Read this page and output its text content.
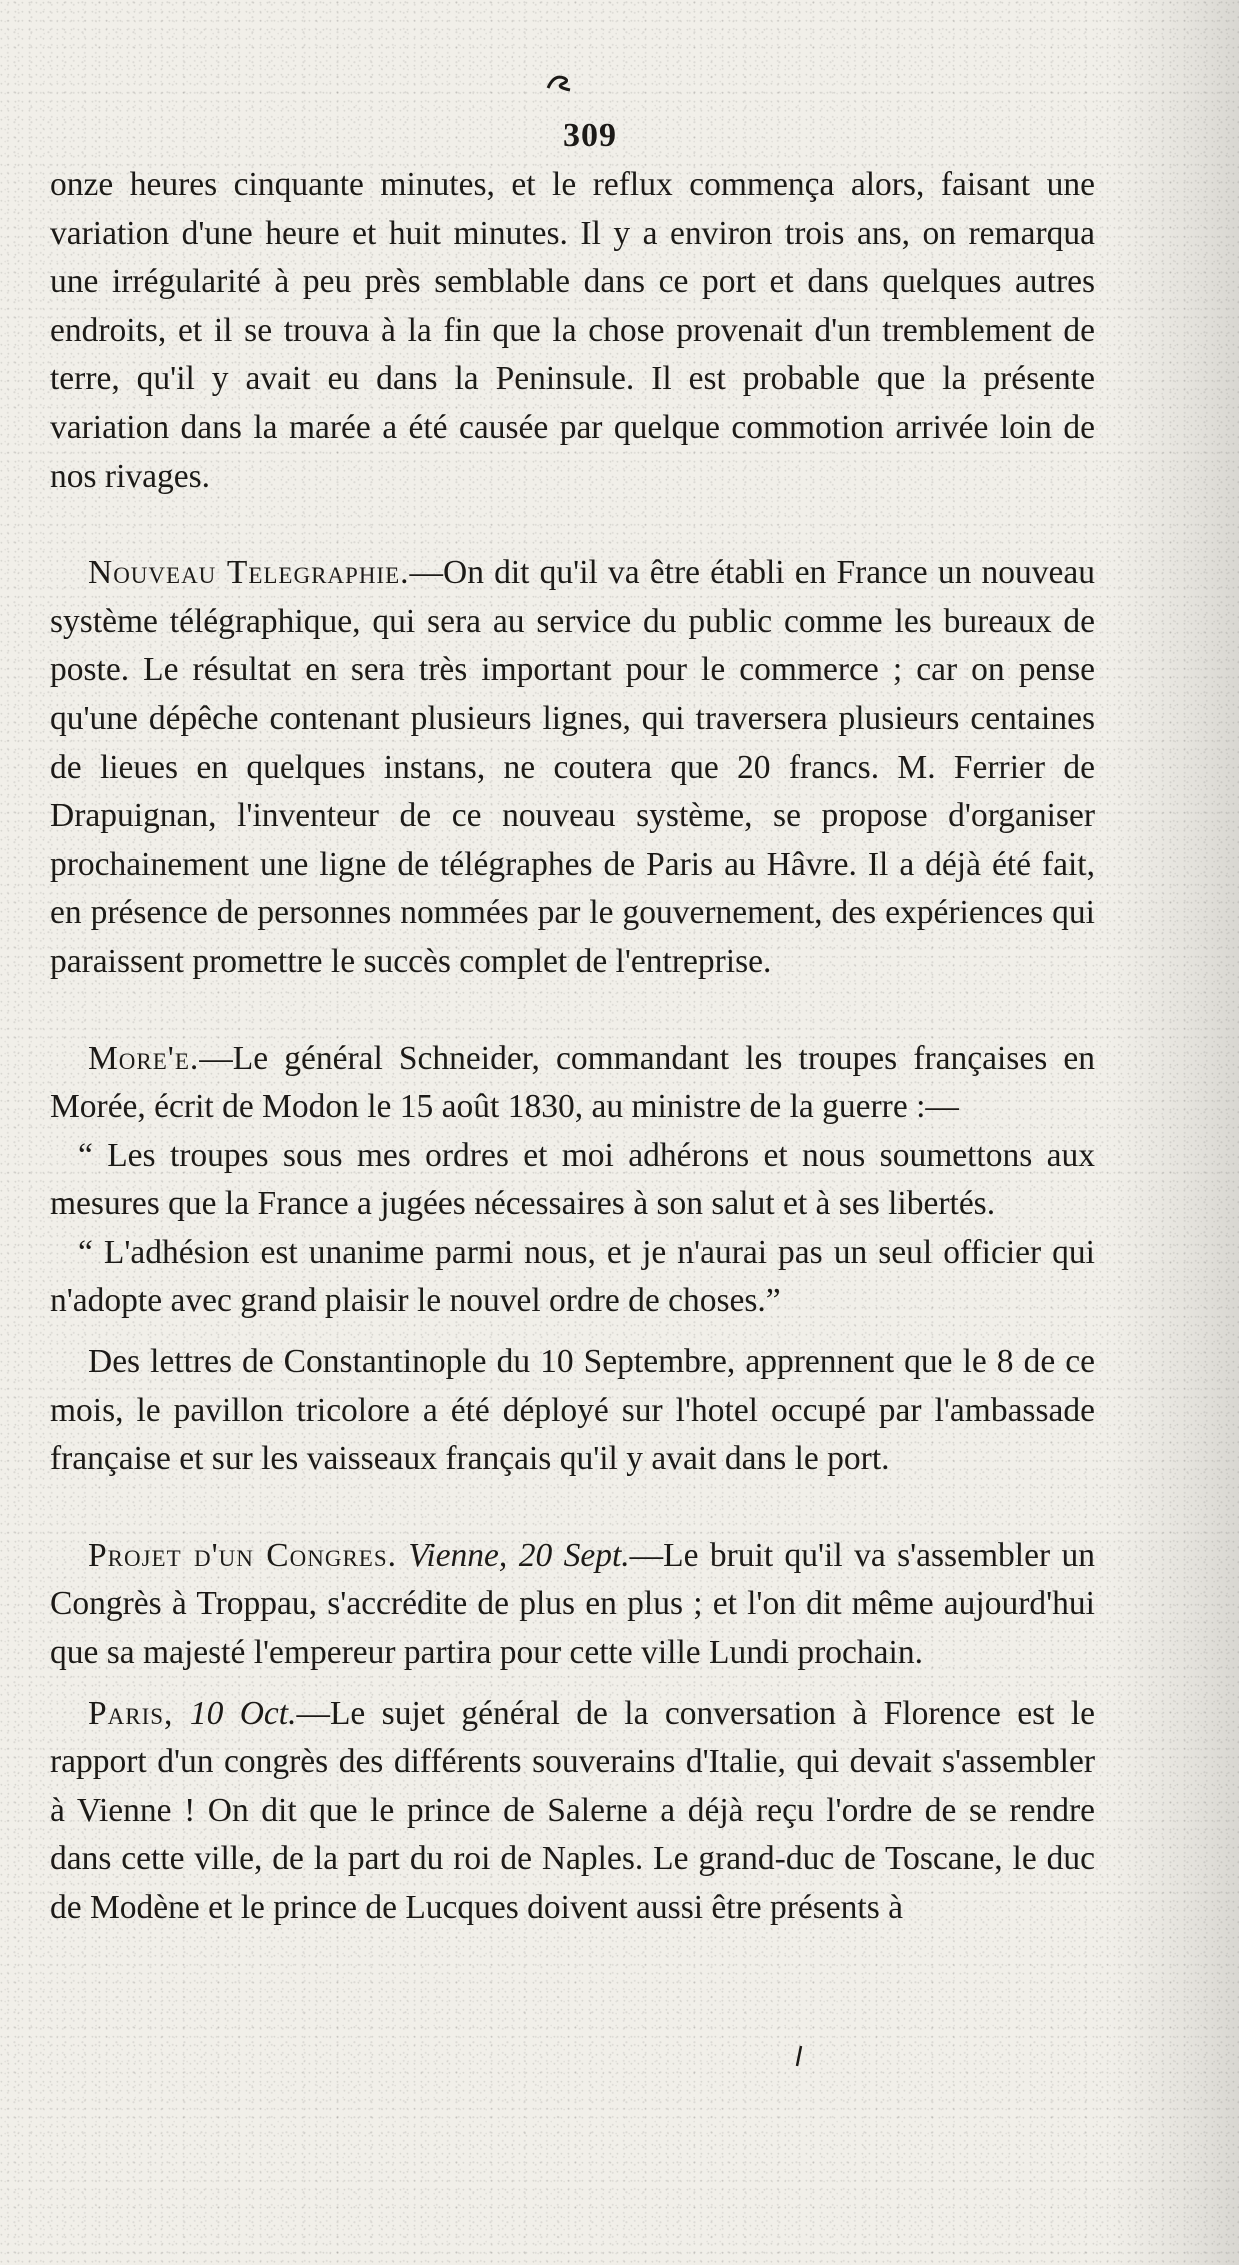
309

onze heures cinquante minutes, et le reflux commença alors, faisant une variation d'une heure et huit minutes. Il y a environ trois ans, on remarqua une irrégularité à peu près semblable dans ce port et dans quelques autres endroits, et il se trouva à la fin que la chose provenait d'un tremblement de terre, qu'il y avait eu dans la Peninsule. Il est probable que la présente variation dans la marée a été causée par quelque commotion arrivée loin de nos rivages.

Nouveau Telegraphie.—On dit qu'il va être établi en France un nouveau système télégraphique, qui sera au service du public comme les bureaux de poste. Le résultat en sera très important pour le commerce ; car on pense qu'une dépêche contenant plusieurs lignes, qui traversera plusieurs centaines de lieues en quelques instans, ne coutera que 20 francs. M. Ferrier de Drapuignan, l'inventeur de ce nouveau système, se propose d'organiser prochainement une ligne de télégraphes de Paris au Hâvre. Il a déjà été fait, en présence de personnes nommées par le gouvernement, des expériences qui paraissent promettre le succès complet de l'entreprise.

More'e.—Le général Schneider, commandant les troupes françaises en Morée, écrit de Modon le 15 août 1830, au ministre de la guerre :—

“ Les troupes sous mes ordres et moi adhérons et nous soumettons aux mesures que la France a jugées nécessaires à son salut et à ses libertés.

“ L'adhésion est unanime parmi nous, et je n'aurai pas un seul officier qui n'adopte avec grand plaisir le nouvel ordre de choses.”

Des lettres de Constantinople du 10 Septembre, apprennent que le 8 de ce mois, le pavillon tricolore a été déployé sur l'hotel occupé par l'ambassade française et sur les vaisseaux français qu'il y avait dans le port.

Projet d'un Congres. Vienne, 20 Sept.—Le bruit qu'il va s'assembler un Congrès à Troppau, s'accrédite de plus en plus ; et l'on dit même aujourd'hui que sa majesté l'empereur partira pour cette ville Lundi prochain.

Paris, 10 Oct.—Le sujet général de la conversation à Florence est le rapport d'un congrès des différents souverains d'Italie, qui devait s'assembler à Vienne ! On dit que le prince de Salerne a déjà reçu l'ordre de se rendre dans cette ville, de la part du roi de Naples. Le grand-duc de Toscane, le duc de Modène et le prince de Lucques doivent aussi être présents à
